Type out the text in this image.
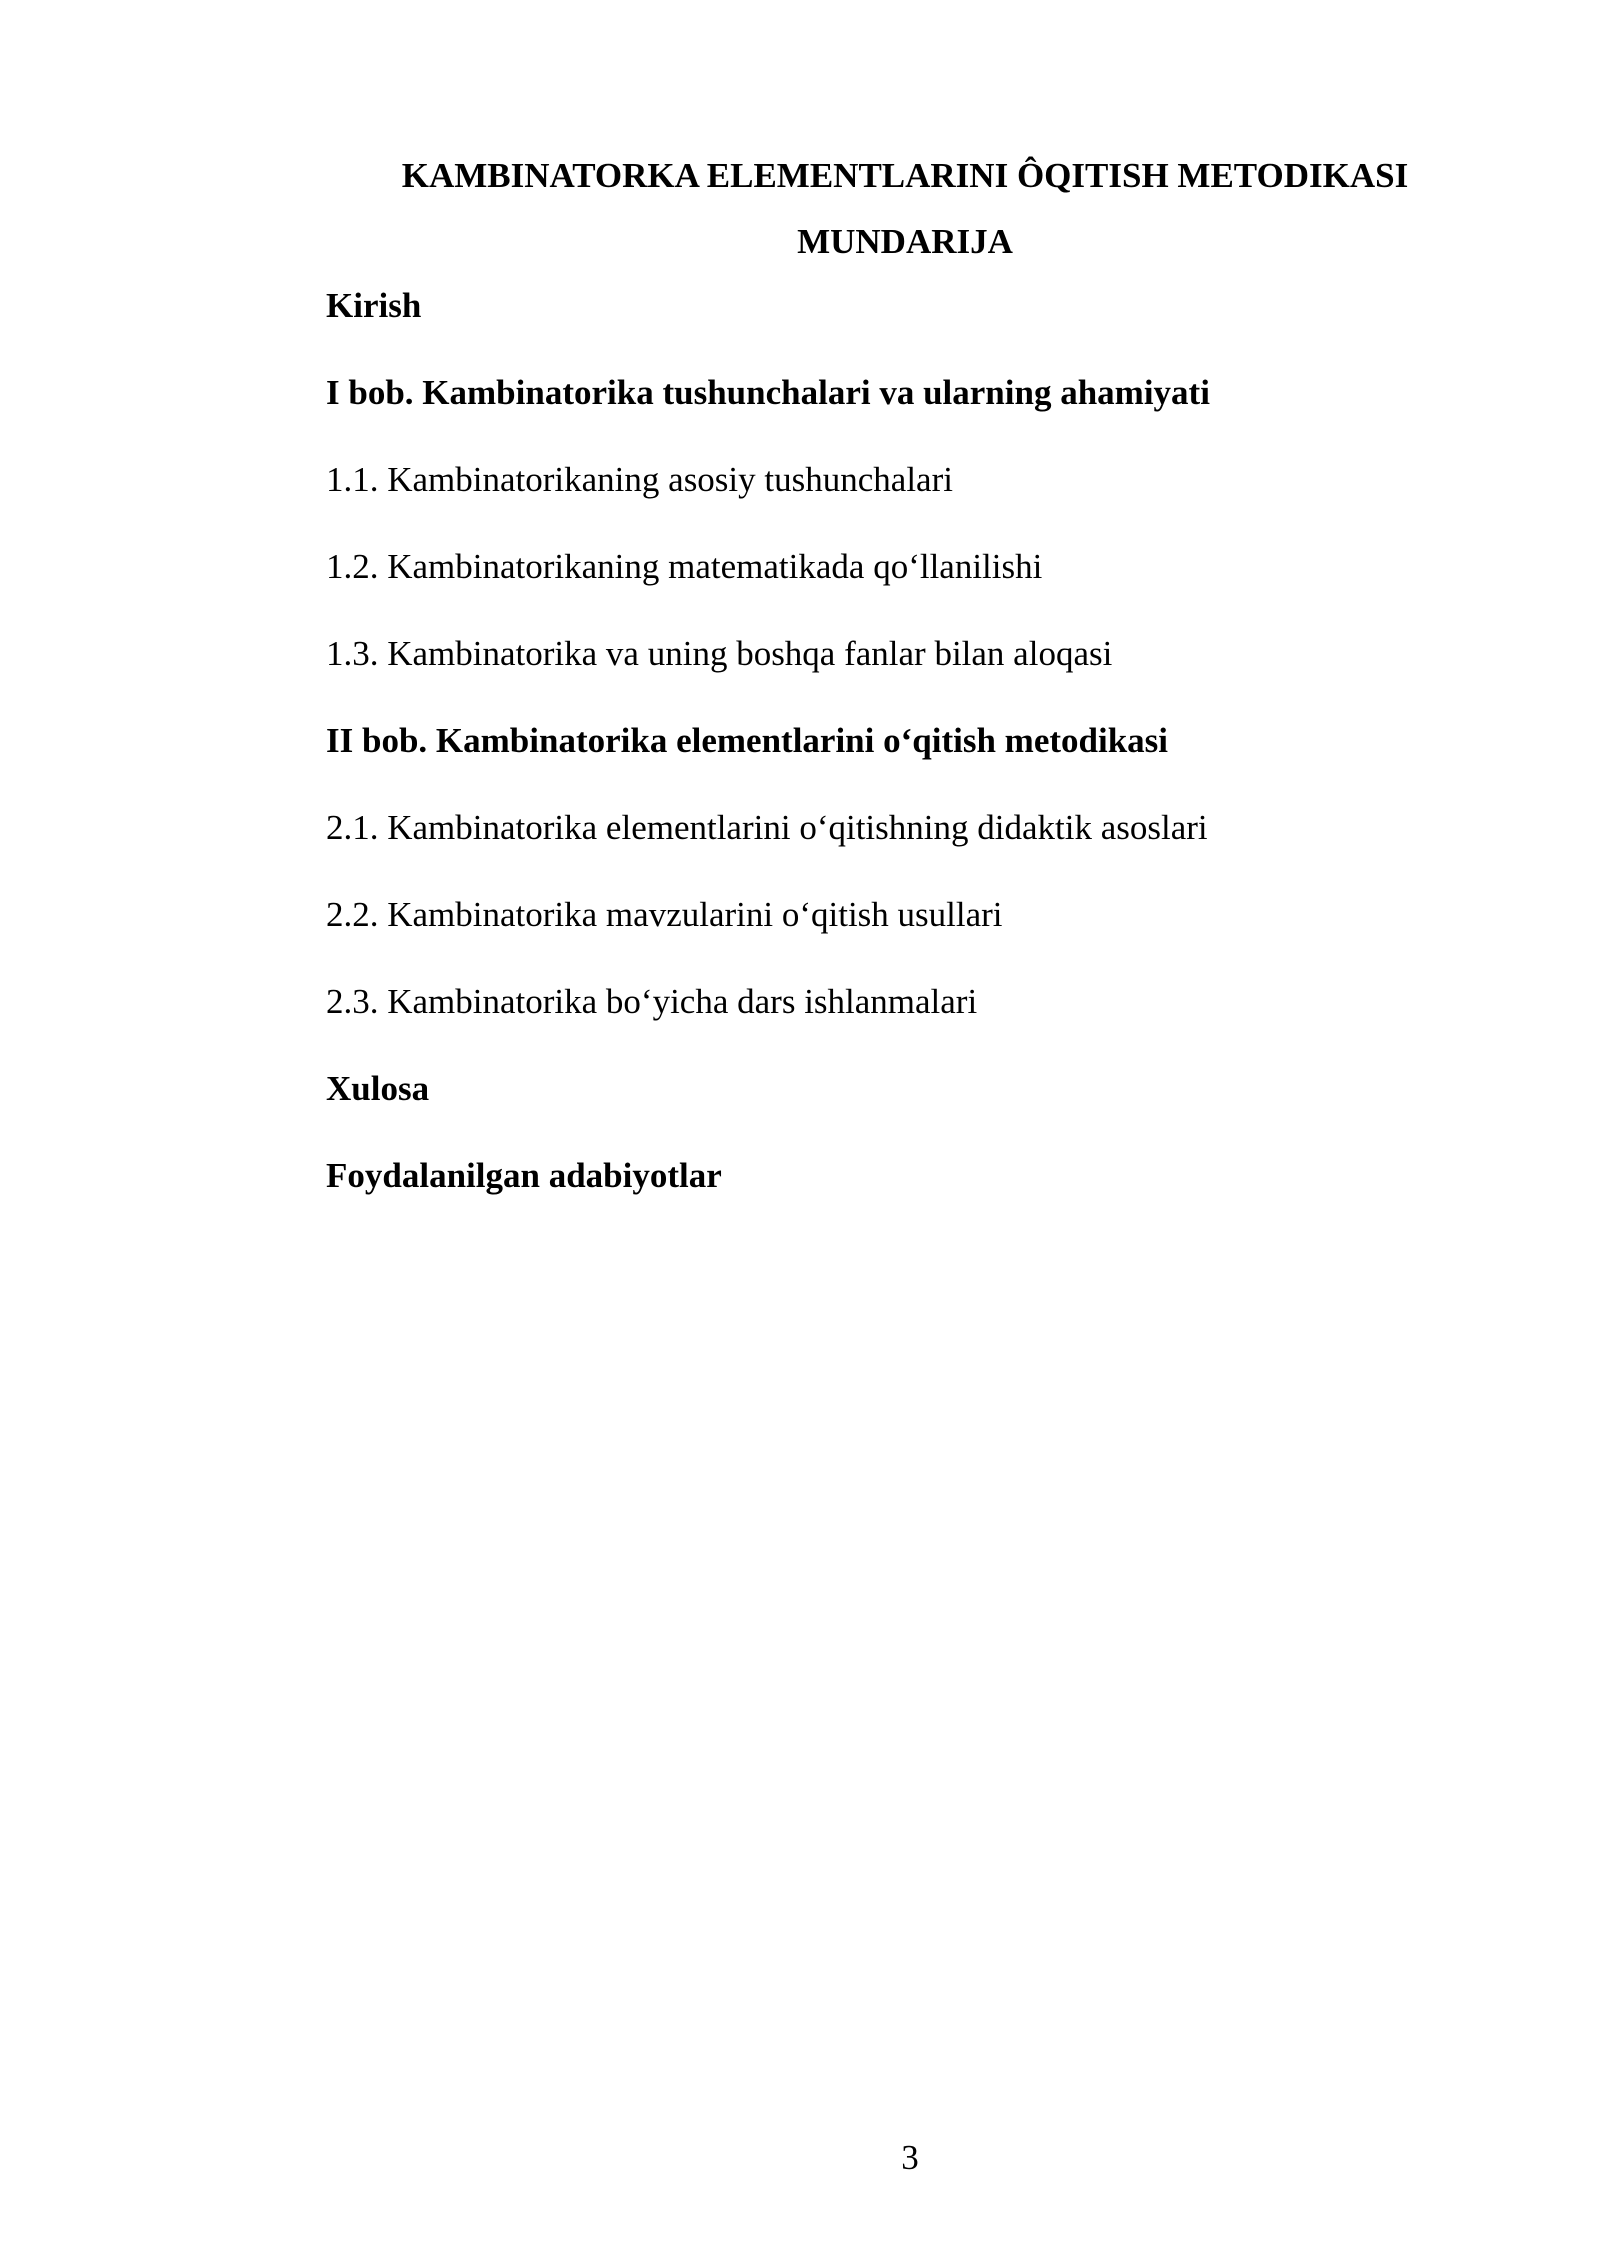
KAMBINATORKA ELEMENTLARINI ÔQITISH METODIKASI
MUNDARIJA
Kirish
I bob. Kambinatorika tushunchalari va ularning ahamiyati
1.1. Kambinatorikaning asosiy tushunchalari
1.2. Kambinatorikaning matematikada qo‘llanilishi
1.3. Kambinatorika va uning boshqa fanlar bilan aloqasi
II bob. Kambinatorika elementlarini o‘qitish metodikasi
2.1. Kambinatorika elementlarini o‘qitishning didaktik asoslari
2.2. Kambinatorika mavzularini o‘qitish usullari
2.3. Kambinatorika bo‘yicha dars ishlanmalari
Xulosa
Foydalanilgan adabiyotlar
3
